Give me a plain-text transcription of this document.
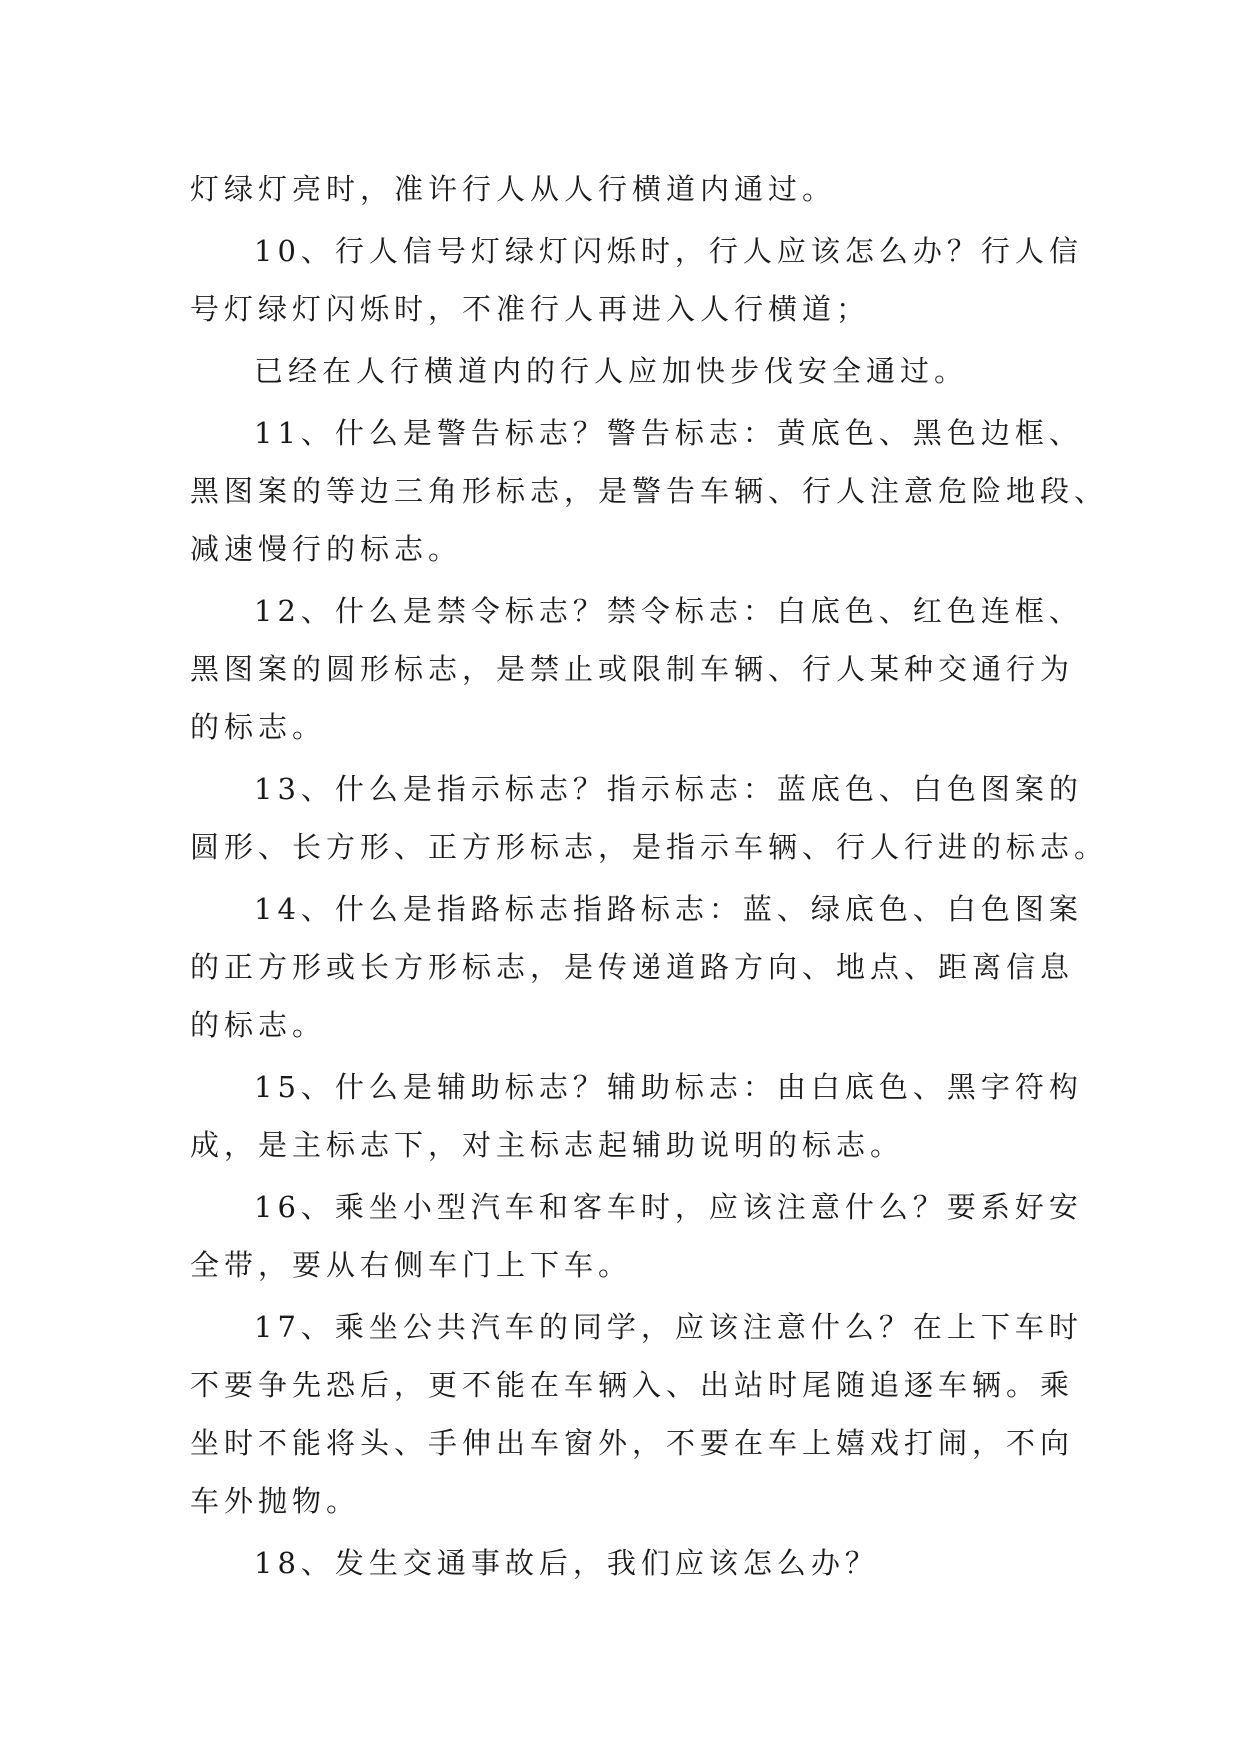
灯绿灯亮时，准许行人从人行横道内通过。
10、行人信号灯绿灯闪烁时，行人应该怎么办？行人信
号灯绿灯闪烁时，不准行人再进入人行横道；
已经在人行横道内的行人应加快步伐安全通过。
11、什么是警告标志？警告标志：黄底色、黑色边框、
黑图案的等边三角形标志，是警告车辆、行人注意危险地段、
减速慢行的标志。
12、什么是禁令标志？禁令标志：白底色、红色连框、
黑图案的圆形标志，是禁止或限制车辆、行人某种交通行为
的标志。
13、什么是指示标志？指示标志：蓝底色、白色图案的
圆形、长方形、正方形标志，是指示车辆、行人行进的标志。
14、什么是指路标志指路标志：蓝、绿底色、白色图案
的正方形或长方形标志，是传递道路方向、地点、距离信息
的标志。
15、什么是辅助标志？辅助标志：由白底色、黑字符构
成，是主标志下，对主标志起辅助说明的标志。
16、乘坐小型汽车和客车时，应该注意什么？要系好安
全带，要从右侧车门上下车。
17、乘坐公共汽车的同学，应该注意什么？在上下车时
不要争先恐后，更不能在车辆入、出站时尾随追逐车辆。乘
坐时不能将头、手伸出车窗外，不要在车上嬉戏打闹，不向
车外抛物。
18、发生交通事故后，我们应该怎么办？
